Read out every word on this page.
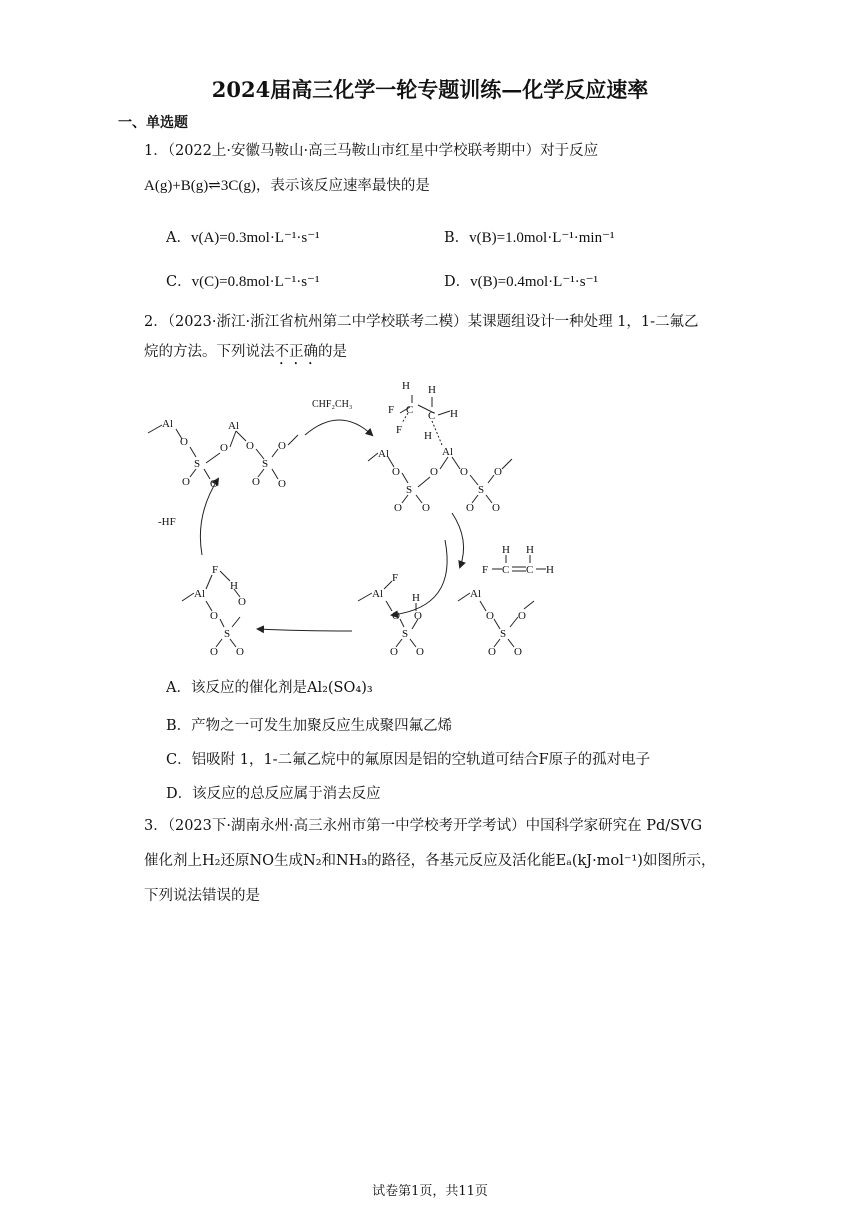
2024届高三化学一轮专题训练—化学反应速率
一、单选题
1．（2022上·安徽马鞍山·高三马鞍山市红星中学校联考期中）对于反应
A(g)+B(g)⇌3C(g)，表示该反应速率最快的是
A．v(A)=0.3mol·L⁻¹·s⁻¹	B．v(B)=1.0mol·L⁻¹·min⁻¹
C．v(C)=0.8mol·L⁻¹·s⁻¹	D．v(B)=0.4mol·L⁻¹·s⁻¹
2．（2023·浙江·浙江省杭州第二中学校联考二模）某课题组设计一种处理 1，1-二氟乙
烷的方法。下列说法不正确的是
Al
O
S
O
Al
O
S
O
O O	O O
CHF₂CH₃
H H
F C C H
F H
Al
O
S
O
Al
O
S
O
O O	O O
H H
F C C H
F
Al	H
O O
S
O O
Al
O
S
O
O O
F
H
Al
O
O
S
O O
-HF
A．该反应的催化剂是Al₂(SO₄)₃
B．产物之一可发生加聚反应生成聚四氟乙烯
C．铝吸附 1，1-二氟乙烷中的氟原因是铝的空轨道可结合F原子的孤对电子
D．该反应的总反应属于消去反应
3．（2023下·湖南永州·高三永州市第一中学校考开学考试）中国科学家研究在 Pd/SVG
催化剂上H₂还原NO生成N₂和NH₃的路径，各基元反应及活化能Eₐ(kJ·mol⁻¹)如图所示，
下列说法错误的是
试卷第1页，共11页
